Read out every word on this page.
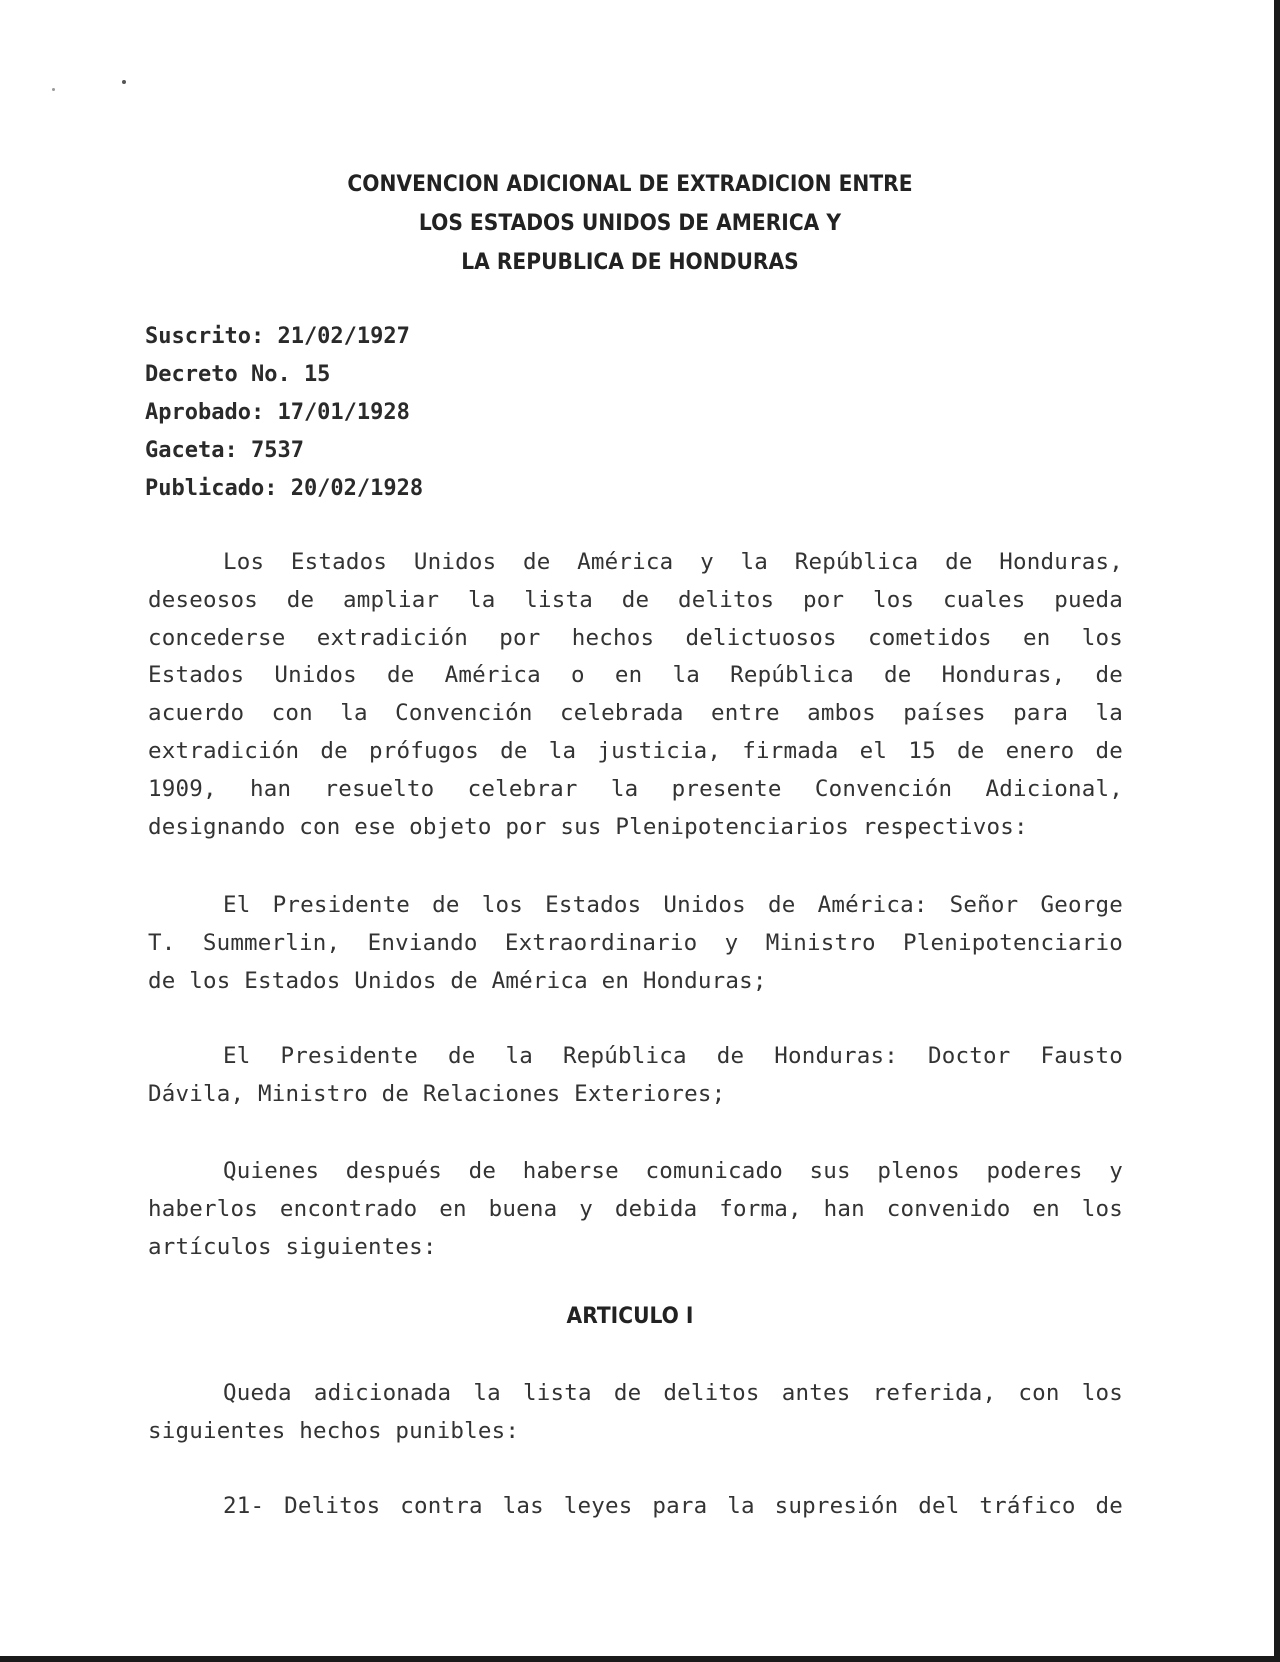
CONVENCION ADICIONAL DE EXTRADICION ENTRE
LOS ESTADOS UNIDOS DE AMERICA Y
LA REPUBLICA DE HONDURAS
Suscrito: 21/02/1927
Decreto No. 15
Aprobado: 17/01/1928
Gaceta: 7537
Publicado: 20/02/1928
Los Estados Unidos de América y la República de Honduras,
deseosos de ampliar la lista de delitos por los cuales pueda
concederse extradición por hechos delictuosos cometidos en los
Estados Unidos de América o en la República de Honduras, de
acuerdo con la Convención celebrada entre ambos países para la
extradición de prófugos de la justicia, firmada el 15 de enero de
1909, han resuelto celebrar la presente Convención Adicional,
designando con ese objeto por sus Plenipotenciarios respectivos:
El Presidente de los Estados Unidos de América: Señor George
T. Summerlin, Enviando Extraordinario y Ministro Plenipotenciario
de los Estados Unidos de América en Honduras;
El Presidente de la República de Honduras: Doctor Fausto
Dávila, Ministro de Relaciones Exteriores;
Quienes después de haberse comunicado sus plenos poderes y
haberlos encontrado en buena y debida forma, han convenido en los
artículos siguientes:
ARTICULO I
Queda adicionada la lista de delitos antes referida, con los
siguientes hechos punibles:
21- Delitos contra las leyes para la supresión del tráfico de
